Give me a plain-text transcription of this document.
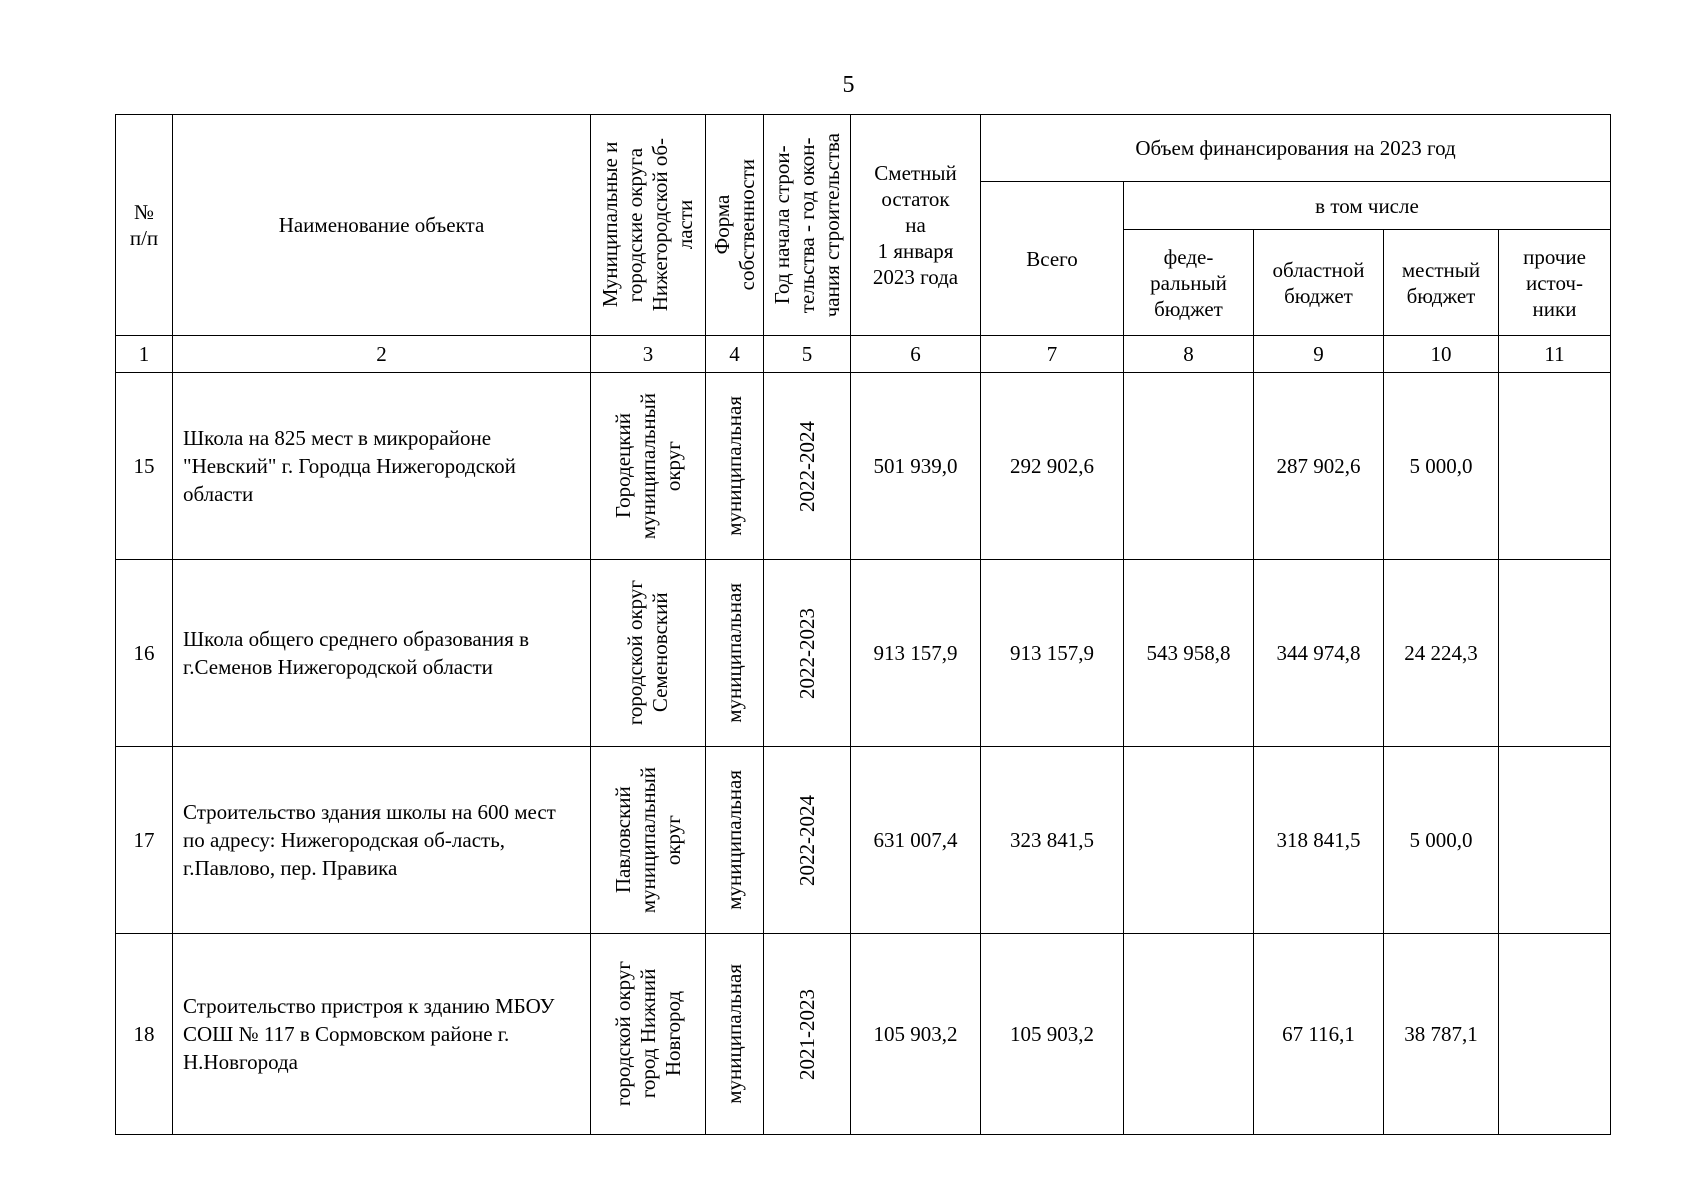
5
№
п/п	Наименование объекта	Муниципальные и
городские округа
Нижегородской об-
ласти	Форма
собственности	Год начала строи-
тельства - год окон-
чания строительства	Сметный
остаток
на
1 января
2023 года	Объем финансирования на 2023 год				
						Всего	в том числе			
							феде-
ральный
бюджет	областной
бюджет	местный
бюджет	прочие
источ-
ники
1	2	3	4	5	6	7	8	9	10	11
15	Школа на 825 мест в микрорайоне "Невский" г. Городца Нижегородской области	Городецкий
муниципальный
округ	муниципальная	2022-2024	501 939,0	292 902,6		287 902,6	5 000,0	
16	Школа общего среднего образования в г.Семенов Нижегородской области	городской округ
Семеновский	муниципальная	2022-2023	913 157,9	913 157,9	543 958,8	344 974,8	24 224,3	
17	Строительство здания школы на 600 мест по адресу: Нижегородская об-ласть, г.Павлово, пер. Правика	Павловский
муниципальный
округ	муниципальная	2022-2024	631 007,4	323 841,5		318 841,5	5 000,0	
18	Строительство пристроя к зданию МБОУ СОШ № 117 в Сормовском районе г. Н.Новгорода	городской округ
город Нижний
Новгород	муниципальная	2021-2023	105 903,2	105 903,2		67 116,1	38 787,1	
